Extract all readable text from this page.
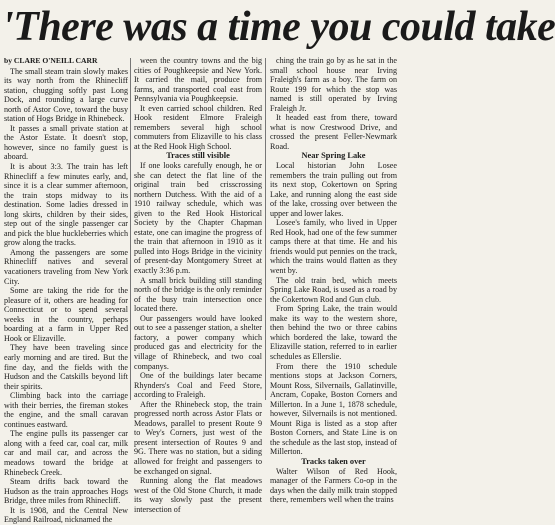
'There was a time you could take

by CLARE O'NEILL CARR

The small steam train slowly makes its way north from the Rhinecliff station, chugging softly past Long Dock, and rounding a large curve north of Astor Cove, toward the busy station of Hogs Bridge in Rhinebeck.

It passes a small private station at the Astor Estate. It doesn't stop, however, since no family guest is aboard.

It is about 3:3. The train has left Rhinecliff a few minutes early, and, since it is a clear summer afternoon, the train stops midway to its destination. Some ladies dressed in long skirts, children by their sides, step out of the single passenger car and pick the blue huckleberries which grow along the tracks.

Among the passengers are some Rhinecliff natives and several vacationers traveling from New York City.

Some are taking the ride for the pleasure of it, others are heading for Connecticut or to spend several weeks in the country, perhaps boarding at a farm in Upper Red Hook or Elizaville.

They have been traveling since early morning and are tired. But the fine day, and the fields with the Hudson and the Catskills beyond lift their spirits.

Climbing back into the carriage with their berries, the fireman stokes the engine, and the small caravan continues eastward.

The engine pulls its passenger car along with a feed car, coal car, milk car and mail car, and across the meadows toward the bridge at Rhinebeck Creek.

Steam drifts back toward the Hudson as the train approaches Hogs Bridge, three miles from Rhinecliff.

It is 1908, and the Central New England Railroad, nicknamed the

ween the country towns and the big cities of Poughkeepsie and New York. It carried the mail, produce from farms, and transported coal east from Pennsylvania via Poughkeepsie.

It even carried school children. Red Hook resident Elmore Fraleigh remembers several high school commuters from Elizaville to his class at the Red Hook High School.

Traces still visible

If one looks carefully enough, he or she can detect the flat line of the original train bed crisscrossing northern Dutchess. With the aid of a 1910 railway schedule, which was given to the Red Hook Historical Society by the Chapter Chapman estate, one can imagine the progress of the train that afternoon in 1910 as it pulled into Hogs Bridge in the vicinity of present-day Montgomery Street at exactly 3:36 p.m.

A small brick building still standing north of the bridge is the only reminder of the busy train intersection once located there.

Our passengers would have looked out to see a passenger station, a shelter factory, a power company which produced gas and electricity for the village of Rhinebeck, and two coal companys.

One of the buildings later became Rhynders's Coal and Feed Store, according to Fraleigh.

After the Rhinebeck stop, the train progressed north across Astor Flats or Meadows, parallel to present Route 9 to Wey's Corners, just west of the present intersection of Routes 9 and 9G. There was no station, but a siding allowed for freight and passengers to be exchanged on signal.

Running along the flat meadows west of the Old Stone Church, it made its way slowly past the present intersection of

ching the train go by as he sat in the small school house near Irving Fraleigh's farm as a boy. The farm on Route 199 for which the stop was named is still operated by Irving Fraleigh Jr.

It headed east from there, toward what is now Crestwood Drive, and crossed the present Feller-Newmark Road.

Near Spring Lake

Local historian John Losee remembers the train pulling out from its next stop, Cokertown on Spring Lake, and running along the east side of the lake, crossing over between the upper and lower lakes.

Losee's family, who lived in Upper Red Hook, had one of the few summer camps there at that time. He and his friends would put pennies on the track, which the trains would flatten as they went by.

The old train bed, which meets Spring Lake Road, is used as a road by the Cokertown Rod and Gun club.

From Spring Lake, the train would make its way to the western shore, then behind the two or three cabins which bordered the lake, toward the Elizaville station, referred to in earlier schedules as Ellerslie.

From there the 1910 schedule mentions stops at Jackson Corners, Mount Ross, Silvernails, Gallatinville, Ancram, Copake, Boston Corners and Millerton. In a June 1, 1878 schedule, however, Silvernails is not mentioned. Mount Riga is listed as a stop after Boston Corners, and State Line is on the schedule as the last stop, instead of Millerton.

Tracks taken over

Walter Wilson of Red Hook, manager of the Farmers Co-op in the days when the daily milk train stopped there, remembers well when the trains
